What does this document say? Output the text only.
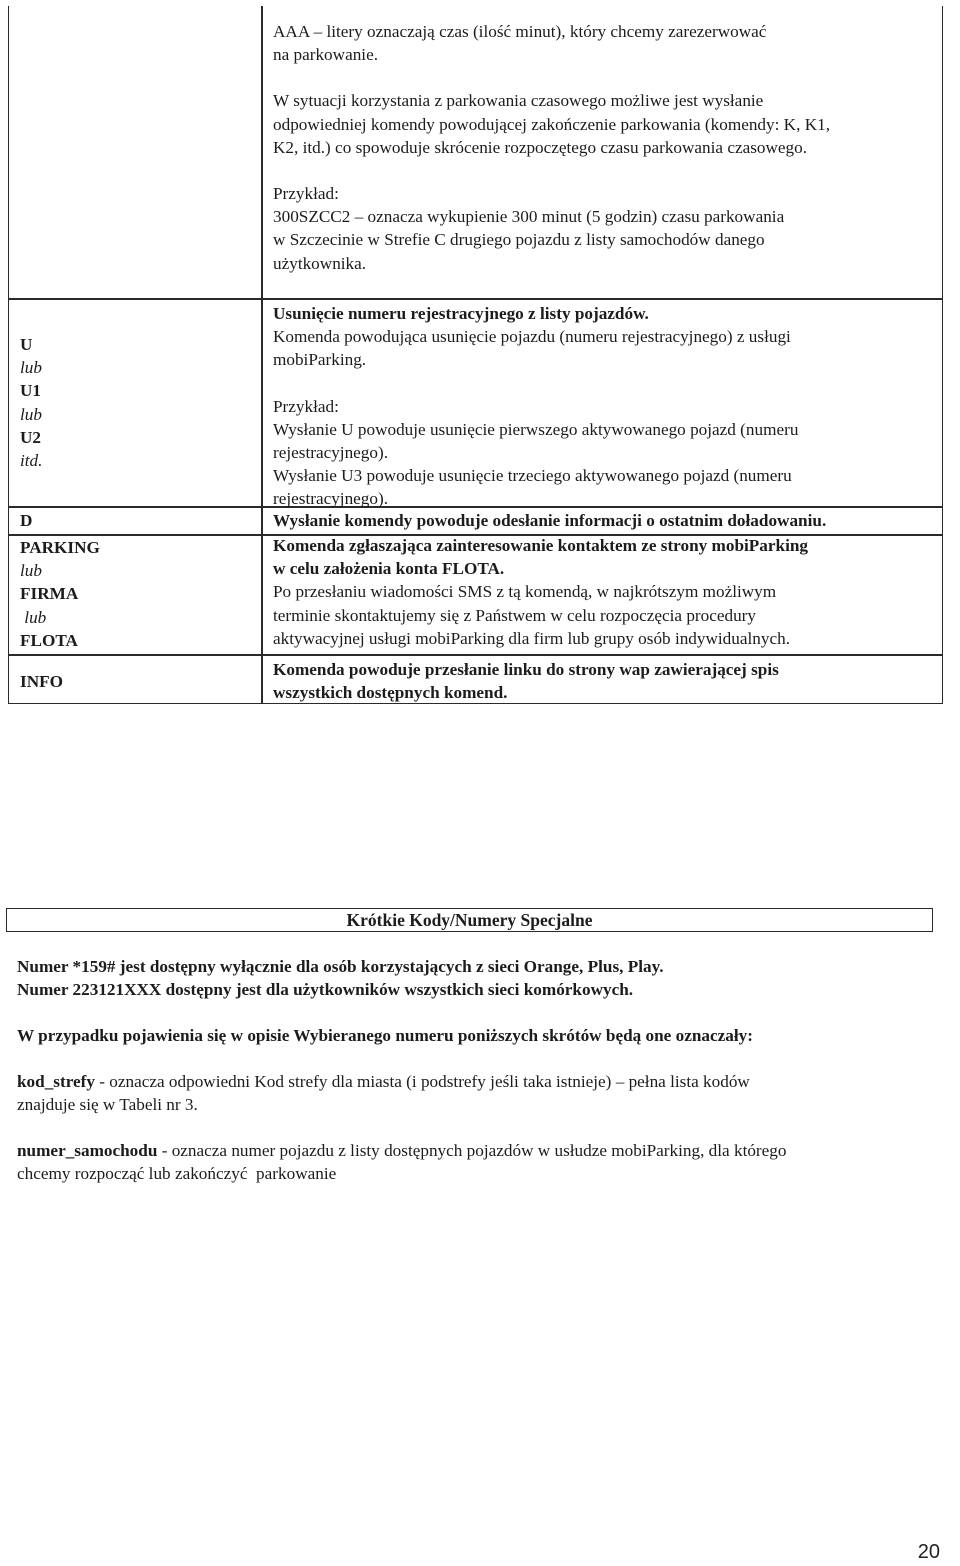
AAA – litery oznaczają czas (ilość minut), który chcemy zarezerwować
na parkowanie.
W sytuacji korzystania z parkowania czasowego możliwe jest wysłanie
odpowiedniej komendy powodującej zakończenie parkowania (komendy: K, K1,
K2, itd.) co spowoduje skrócenie rozpoczętego czasu parkowania czasowego.
Przykład:
300SZCC2 – oznacza wykupienie 300 minut (5 godzin) czasu parkowania
w Szczecinie w Strefie C drugiego pojazdu z listy samochodów danego
użytkownika.
U
lub
U1
lub
U2
itd.
Usunięcie numeru rejestracyjnego z listy pojazdów.
Komenda powodująca usunięcie pojazdu (numeru rejestracyjnego) z usługi
mobiParking.
Przykład:
Wysłanie U powoduje usunięcie pierwszego aktywowanego pojazd (numeru
rejestracyjnego).
Wysłanie U3 powoduje usunięcie trzeciego aktywowanego pojazd (numeru
rejestracyjnego).
D	Wysłanie komendy powoduje odesłanie informacji o ostatnim doładowaniu.
PARKING
lub
FIRMA
lub
FLOTA
Komenda zgłaszająca zainteresowanie kontaktem ze strony mobiParking
w celu założenia konta FLOTA.
Po przesłaniu wiadomości SMS z tą komendą, w najkrótszym możliwym
terminie skontaktujemy się z Państwem w celu rozpoczęcia procedury
aktywacyjnej usługi mobiParking dla firm lub grupy osób indywidualnych.
INFO
Komenda powoduje przesłanie linku do strony wap zawierającej spis
wszystkich dostępnych komend.
Krótkie Kody/Numery Specjalne
Numer *159# jest dostępny wyłącznie dla osób korzystających z sieci Orange, Plus, Play.
Numer 223121XXX dostępny jest dla użytkowników wszystkich sieci komórkowych.

W przypadku pojawienia się w opisie Wybieranego numeru poniższych skrótów będą one oznaczały:

kod_strefy - oznacza odpowiedni Kod strefy dla miasta (i podstrefy jeśli taka istnieje) – pełna lista kodów
znajduje się w Tabeli nr 3.
numer_samochodu - oznacza numer pojazdu z listy dostępnych pojazdów w usłudze mobiParking, dla którego
chcemy rozpocząć lub zakończyć  parkowanie
20
